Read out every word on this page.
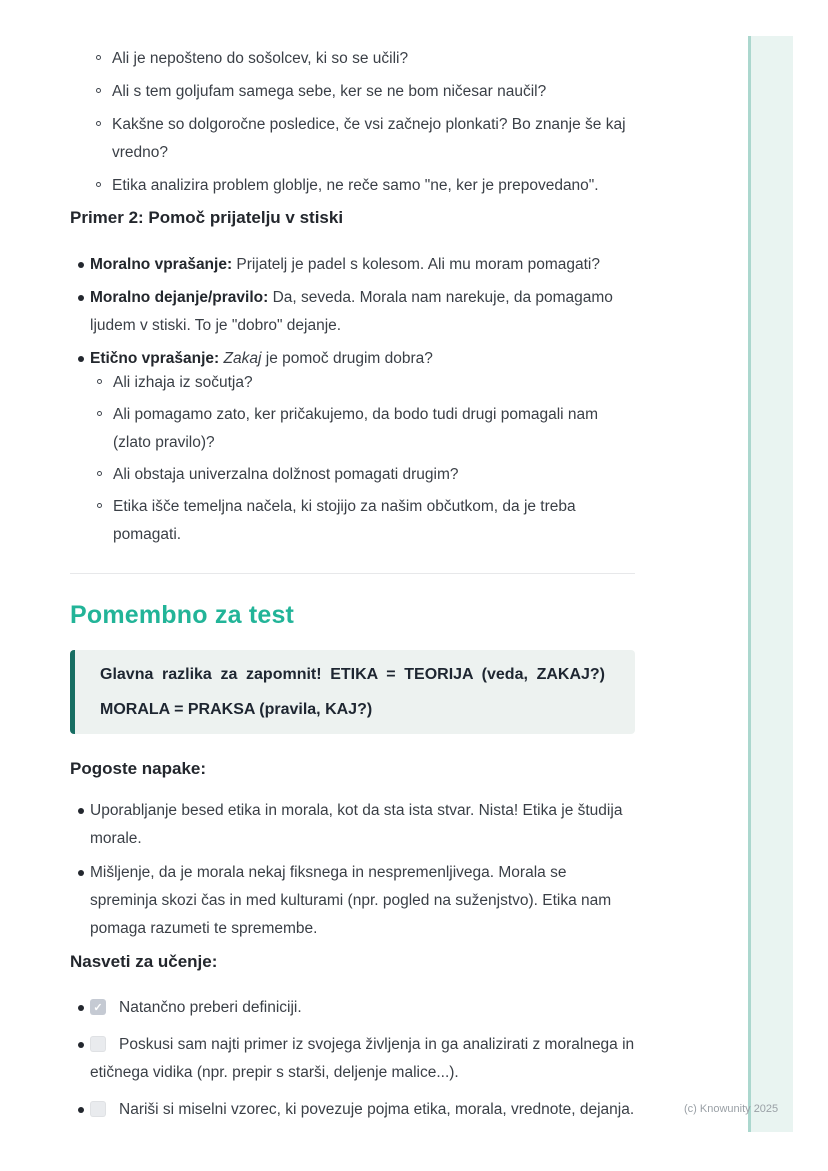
Ali je nepošteno do sošolcev, ki so se učili?
Ali s tem goljufam samega sebe, ker se ne bom ničesar naučil?
Kakšne so dolgoročne posledice, če vsi začnejo plonkati? Bo znanje še kaj vredno?
Etika analizira problem globlje, ne reče samo "ne, ker je prepovedano".
Primer 2: Pomoč prijatelju v stiski
Moralno vprašanje: Prijatelj je padel s kolesom. Ali mu moram pomagati?
Moralno dejanje/pravilo: Da, seveda. Morala nam narekuje, da pomagamo ljudem v stiski. To je "dobro" dejanje.
Etično vprašanje: Zakaj je pomoč drugim dobra?
Ali izhaja iz sočutja?
Ali pomagamo zato, ker pričakujemo, da bodo tudi drugi pomagali nam (zlato pravilo)?
Ali obstaja univerzalna dolžnost pomagati drugim?
Etika išče temeljna načela, ki stojijo za našim občutkom, da je treba pomagati.
Pomembno za test

Glavna razlika za zapomnit! ETIKA = TEORIJA (veda, ZAKAJ?)

MORALA = PRAKSA (pravila, KAJ?)

Pogoste napake:
Uporabljanje besed etika in morala, kot da sta ista stvar. Nista! Etika je študija morale.
Mišljenje, da je morala nekaj fiksnega in nespremenljivega. Morala se spreminja skozi čas in med kulturami (npr. pogled na suženjstvo). Etika nam pomaga razumeti te spremembe.
Nasveti za učenje:
✓Natančno preberi definiciji.
Poskusi sam najti primer iz svojega življenja in ga analizirati z moralnega in etičnega vidika (npr. prepir s starši, deljenje malice...).
Nariši si miselni vzorec, ki povezuje pojma etika, morala, vrednote, dejanja.	(c) Knowunity 2025
